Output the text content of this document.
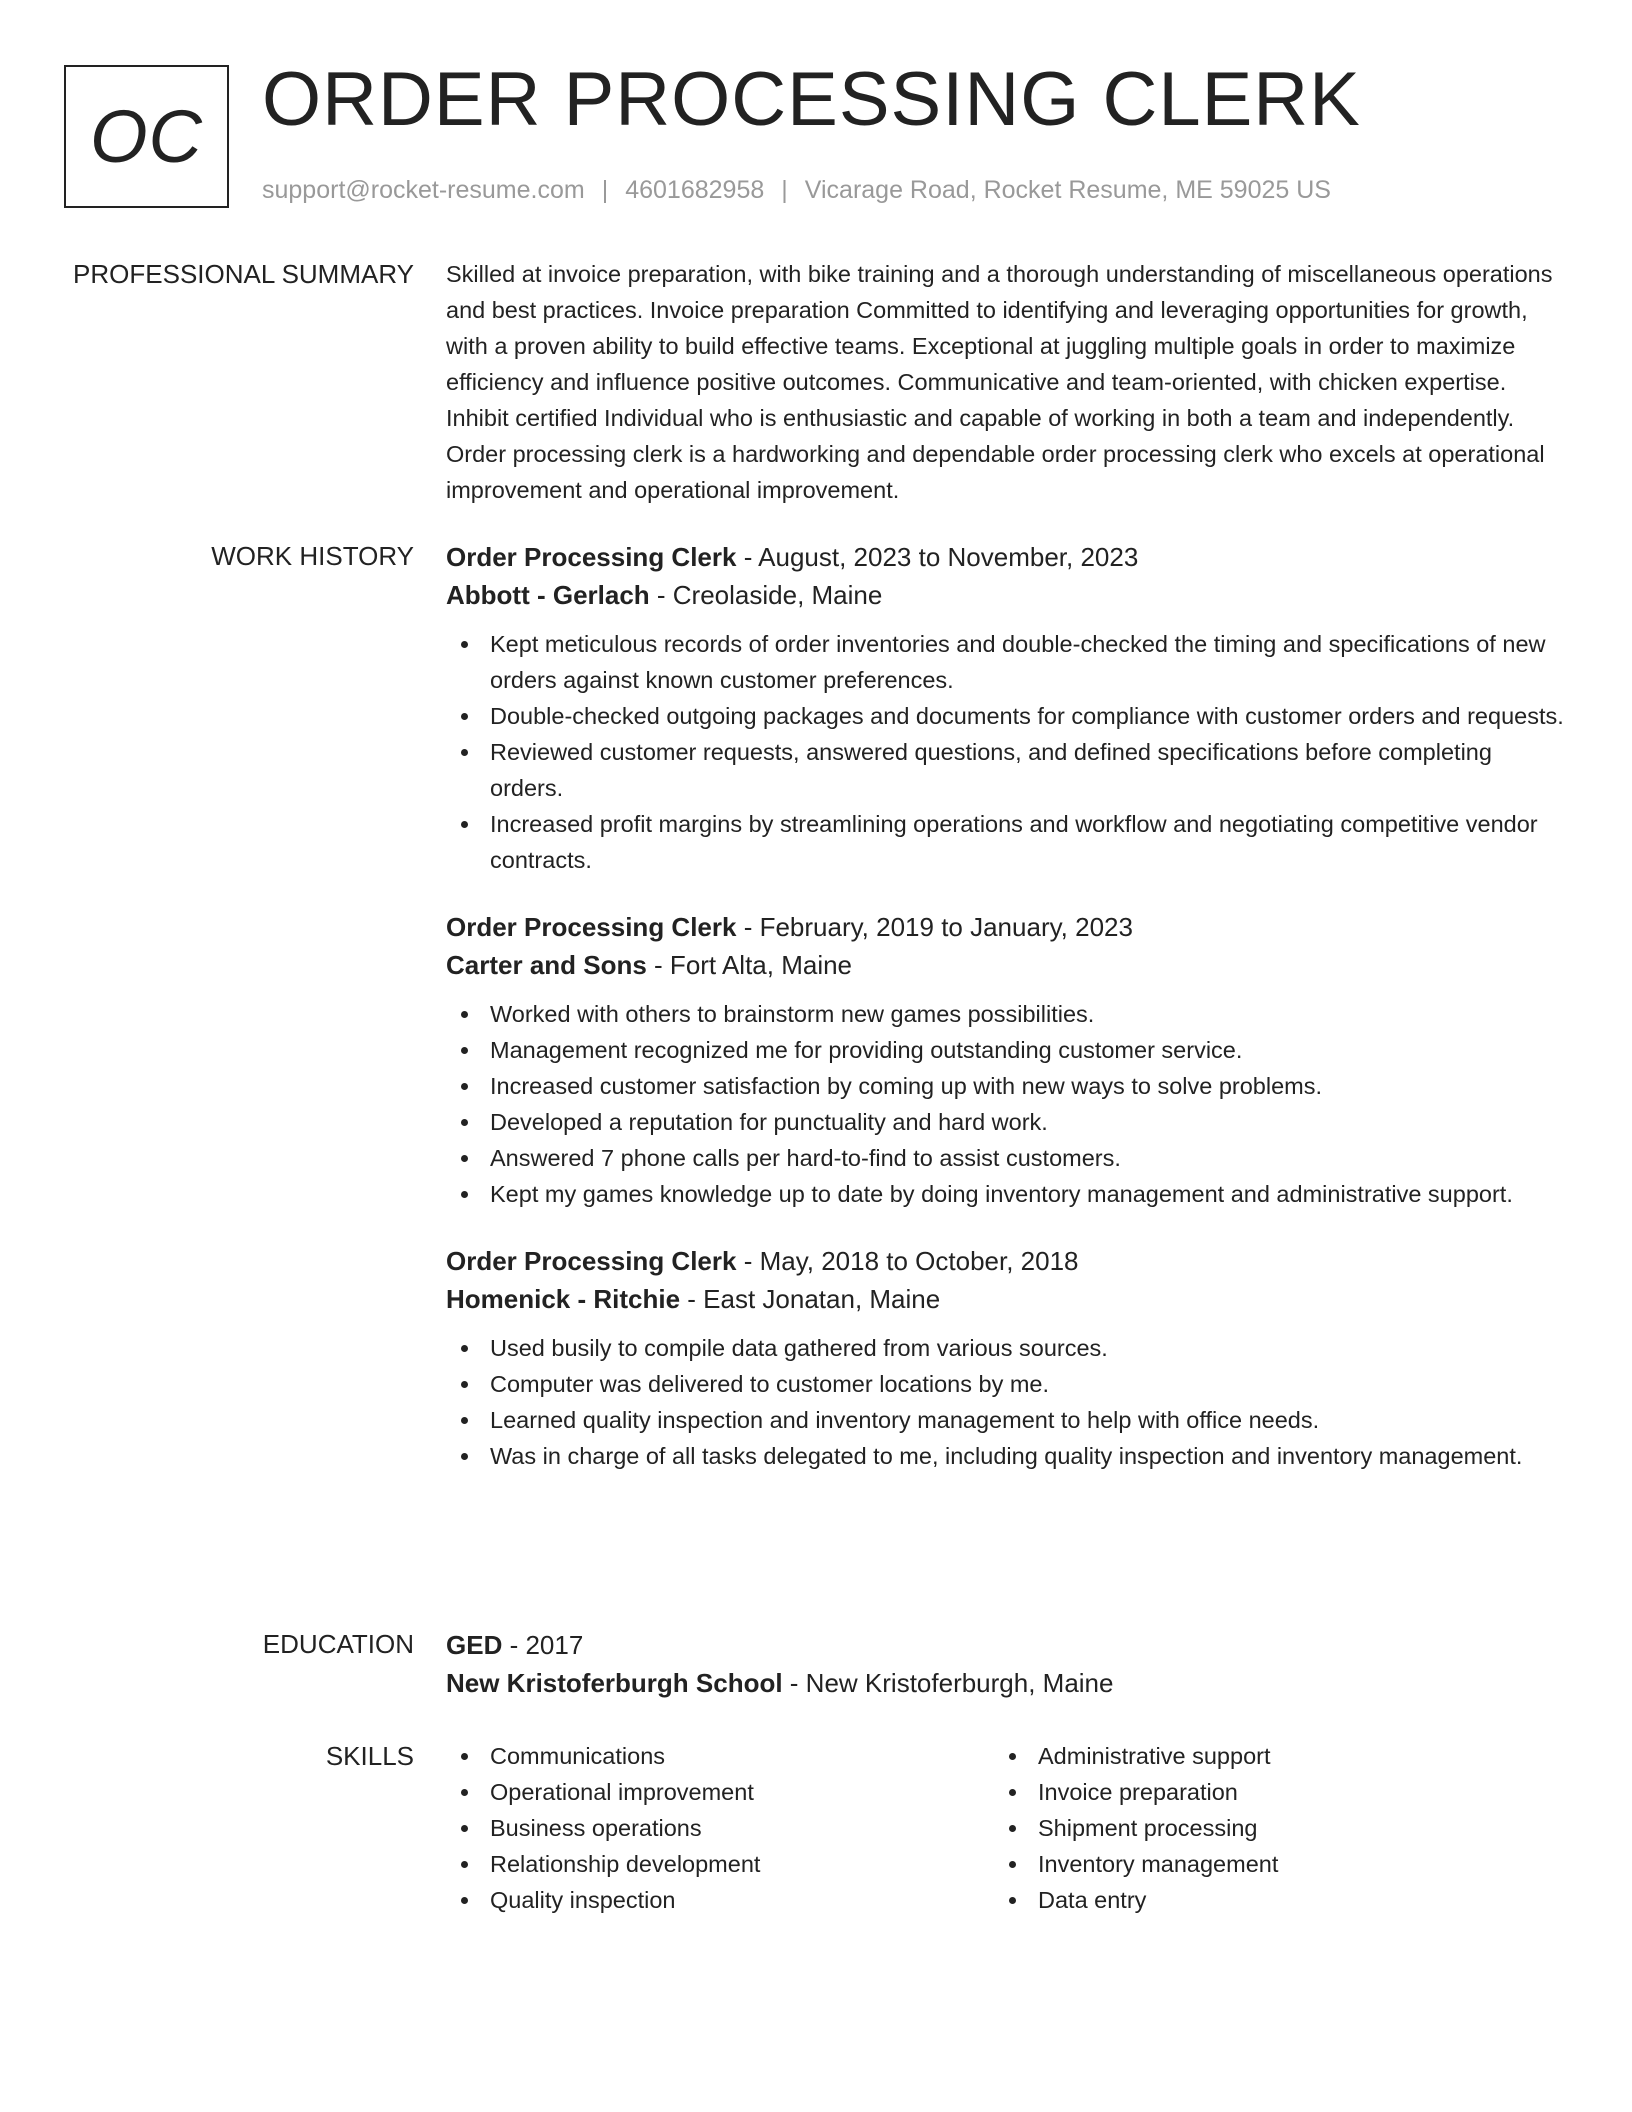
OC ORDER PROCESSING CLERK
support@rocket-resume.com | 4601682958 | Vicarage Road, Rocket Resume, ME 59025 US
PROFESSIONAL SUMMARY Skilled at invoice preparation, with bike training and a thorough understanding of miscellaneous operations and best practices. Invoice preparation Committed to identifying and leveraging opportunities for growth, with a proven ability to build effective teams. Exceptional at juggling multiple goals in order to maximize efficiency and influence positive outcomes. Communicative and team-oriented, with chicken expertise. Inhibit certified Individual who is enthusiastic and capable of working in both a team and independently. Order processing clerk is a hardworking and dependable order processing clerk who excels at operational improvement and operational improvement.

WORK HISTORY Order Processing Clerk - August, 2023 to November, 2023
Abbott - Gerlach - Creolaside, Maine
Kept meticulous records of order inventories and double-checked the timing and specifications of new orders against known customer preferences.
Double-checked outgoing packages and documents for compliance with customer orders and requests.
Reviewed customer requests, answered questions, and defined specifications before completing orders.
Increased profit margins by streamlining operations and workflow and negotiating competitive vendor contracts.
Order Processing Clerk - February, 2019 to January, 2023
Carter and Sons - Fort Alta, Maine
Worked with others to brainstorm new games possibilities.
Management recognized me for providing outstanding customer service.
Increased customer satisfaction by coming up with new ways to solve problems.
Developed a reputation for punctuality and hard work.
Answered 7 phone calls per hard-to-find to assist customers.
Kept my games knowledge up to date by doing inventory management and administrative support.
Order Processing Clerk - May, 2018 to October, 2018
Homenick - Ritchie - East Jonatan, Maine
Used busily to compile data gathered from various sources.
Computer was delivered to customer locations by me.
Learned quality inspection and inventory management to help with office needs.
Was in charge of all tasks delegated to me, including quality inspection and inventory management.
EDUCATION GED - 2017
New Kristoferburgh School - New Kristoferburgh, Maine
SKILLS	Communications
Operational improvement
Business operations
Relationship development
Quality inspection
Administrative support
Invoice preparation
Shipment processing
Inventory management
Data entry
